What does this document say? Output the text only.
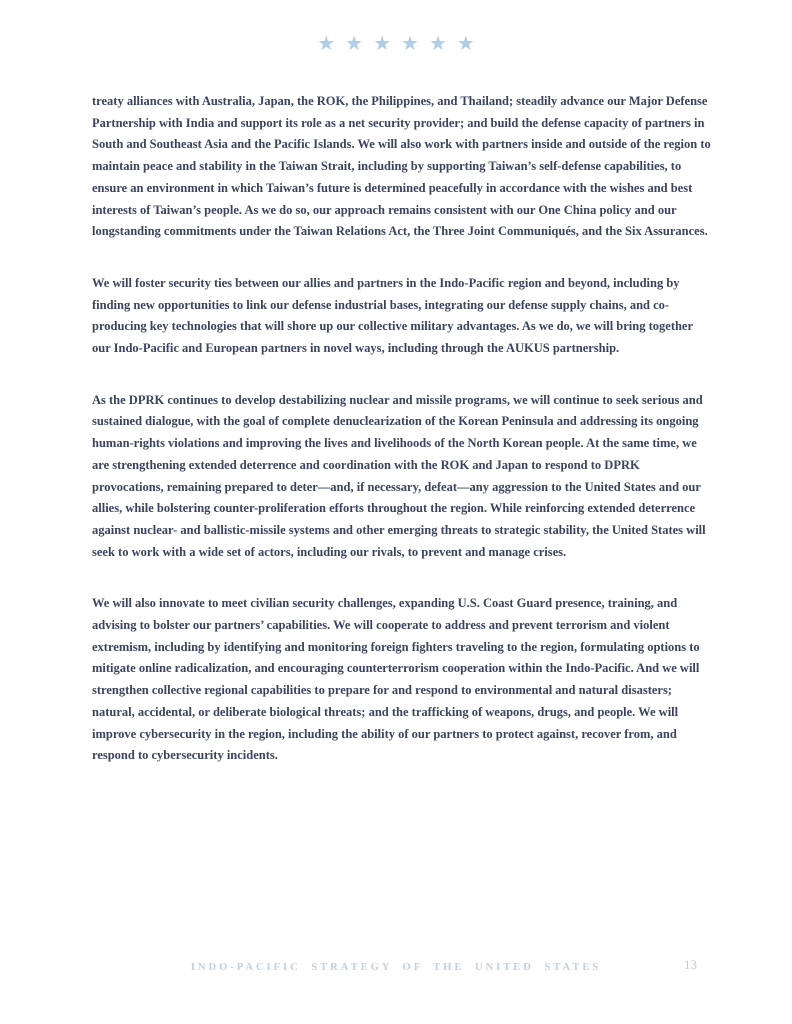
★ ★ ★ ★ ★ ★

treaty alliances with Australia, Japan, the ROK, the Philippines, and Thailand; steadily advance our Major Defense Partnership with India and support its role as a net security provider; and build the defense capacity of partners in South and Southeast Asia and the Pacific Islands. We will also work with partners inside and outside of the region to maintain peace and stability in the Taiwan Strait, including by supporting Taiwan’s self-defense capabilities, to ensure an environment in which Taiwan’s future is determined peacefully in accordance with the wishes and best interests of Taiwan’s people. As we do so, our approach remains consistent with our One China policy and our longstanding commitments under the Taiwan Relations Act, the Three Joint Communiqués, and the Six Assurances.

We will foster security ties between our allies and partners in the Indo-Pacific region and beyond, including by finding new opportunities to link our defense industrial bases, integrating our defense supply chains, and co-producing key technologies that will shore up our collective military advantages. As we do, we will bring together our Indo-Pacific and European partners in novel ways, including through the AUKUS partnership.

As the DPRK continues to develop destabilizing nuclear and missile programs, we will continue to seek serious and sustained dialogue, with the goal of complete denuclearization of the Korean Peninsula and addressing its ongoing human-rights violations and improving the lives and livelihoods of the North Korean people. At the same time, we are strengthening extended deterrence and coordination with the ROK and Japan to respond to DPRK provocations, remaining prepared to deter—and, if necessary, defeat—any aggression to the United States and our allies, while bolstering counter-proliferation efforts throughout the region. While reinforcing extended deterrence against nuclear- and ballistic-missile systems and other emerging threats to strategic stability, the United States will seek to work with a wide set of actors, including our rivals, to prevent and manage crises.

We will also innovate to meet civilian security challenges, expanding U.S. Coast Guard presence, training, and advising to bolster our partners’ capabilities. We will cooperate to address and prevent terrorism and violent extremism, including by identifying and monitoring foreign fighters traveling to the region, formulating options to mitigate online radicalization, and encouraging counterterrorism cooperation within the Indo-Pacific. And we will strengthen collective regional capabilities to prepare for and respond to environmental and natural disasters; natural, accidental, or deliberate biological threats; and the trafficking of weapons, drugs, and people. We will improve cybersecurity in the region, including the ability of our partners to protect against, recover from, and respond to cybersecurity incidents.

INDO-PACIFIC STRATEGY OF THE UNITED STATES	13
